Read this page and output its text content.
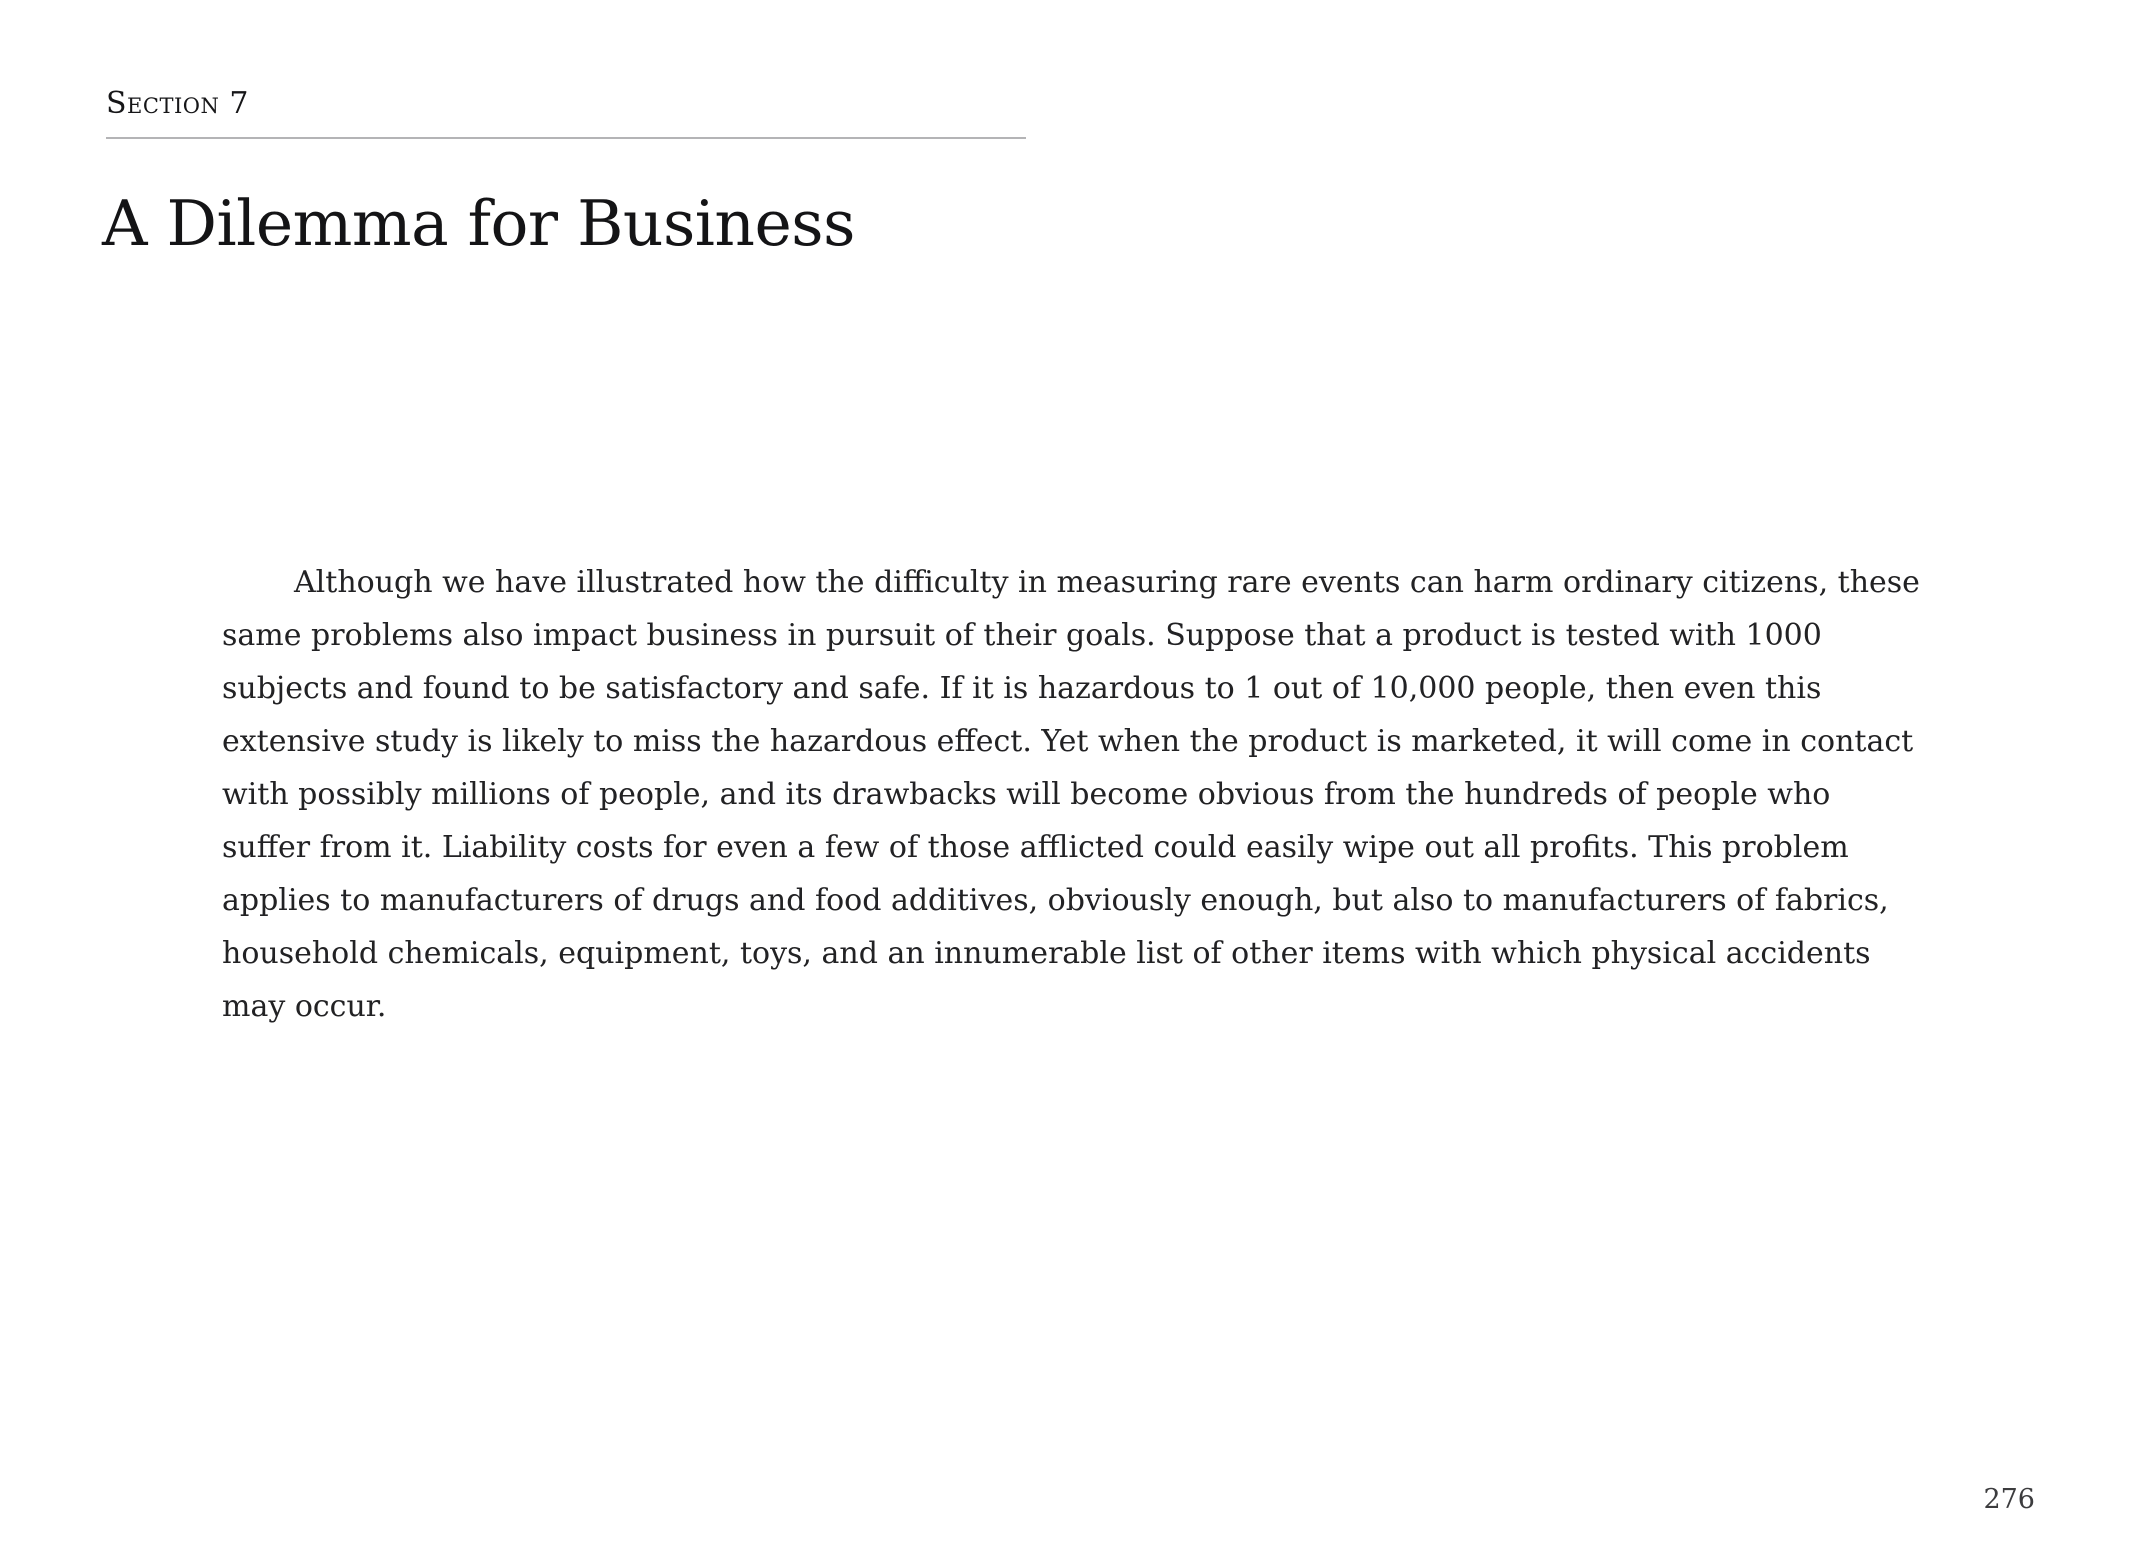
Section 7
A Dilemma for Business

Although we have illustrated how the difficulty in measuring rare events can harm ordinary citizens, these same problems also impact business in pursuit of their goals. Suppose that a product is tested with 1000 subjects and found to be satisfactory and safe. If it is hazardous to 1 out of 10,000 people, then even this extensive study is likely to miss the hazardous effect. Yet when the product is marketed, it will come in contact with possibly millions of people, and its drawbacks will become obvious from the hundreds of people who suffer from it. Liability costs for even a few of those afflicted could easily wipe out all profits. This problem applies to manufacturers of drugs and food additives, obviously enough, but also to manufacturers of fabrics, household chemicals, equipment, toys, and an innumerable list of other items with which physical accidents may occur.

276
